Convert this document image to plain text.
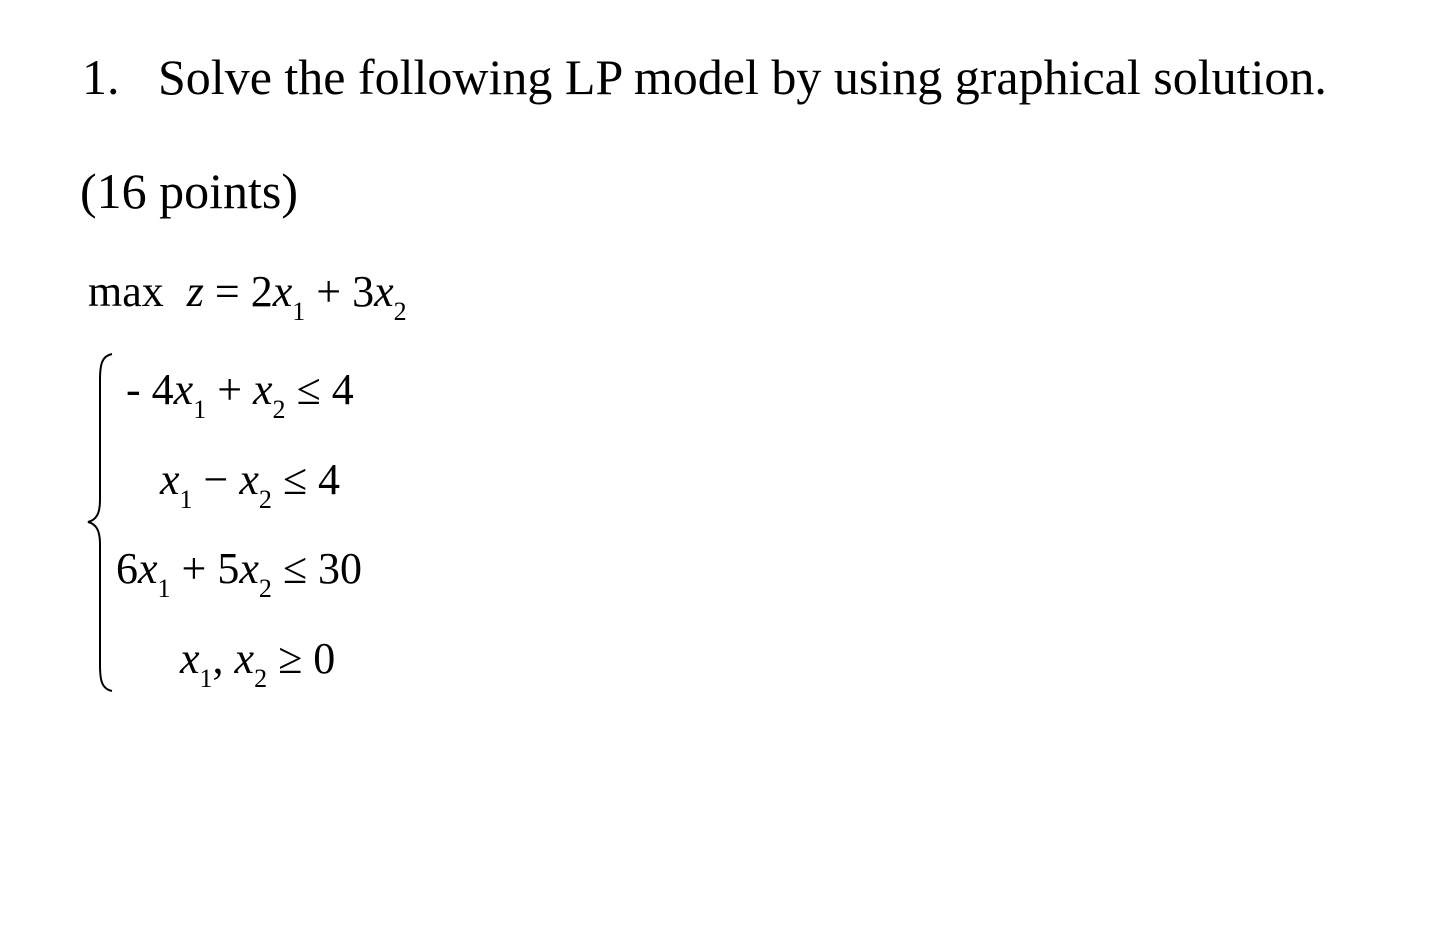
1. Solve the following LP model by using graphical solution.
(16 points)
$\max z = 2x_1 + 3x_2$
- $4x_1 + x_2 \le 4$
$x_1 - x_2 \le 4$
$6x_1 + 5x_2 \le 30$
$x_1$, $x_2 \ge 0$
